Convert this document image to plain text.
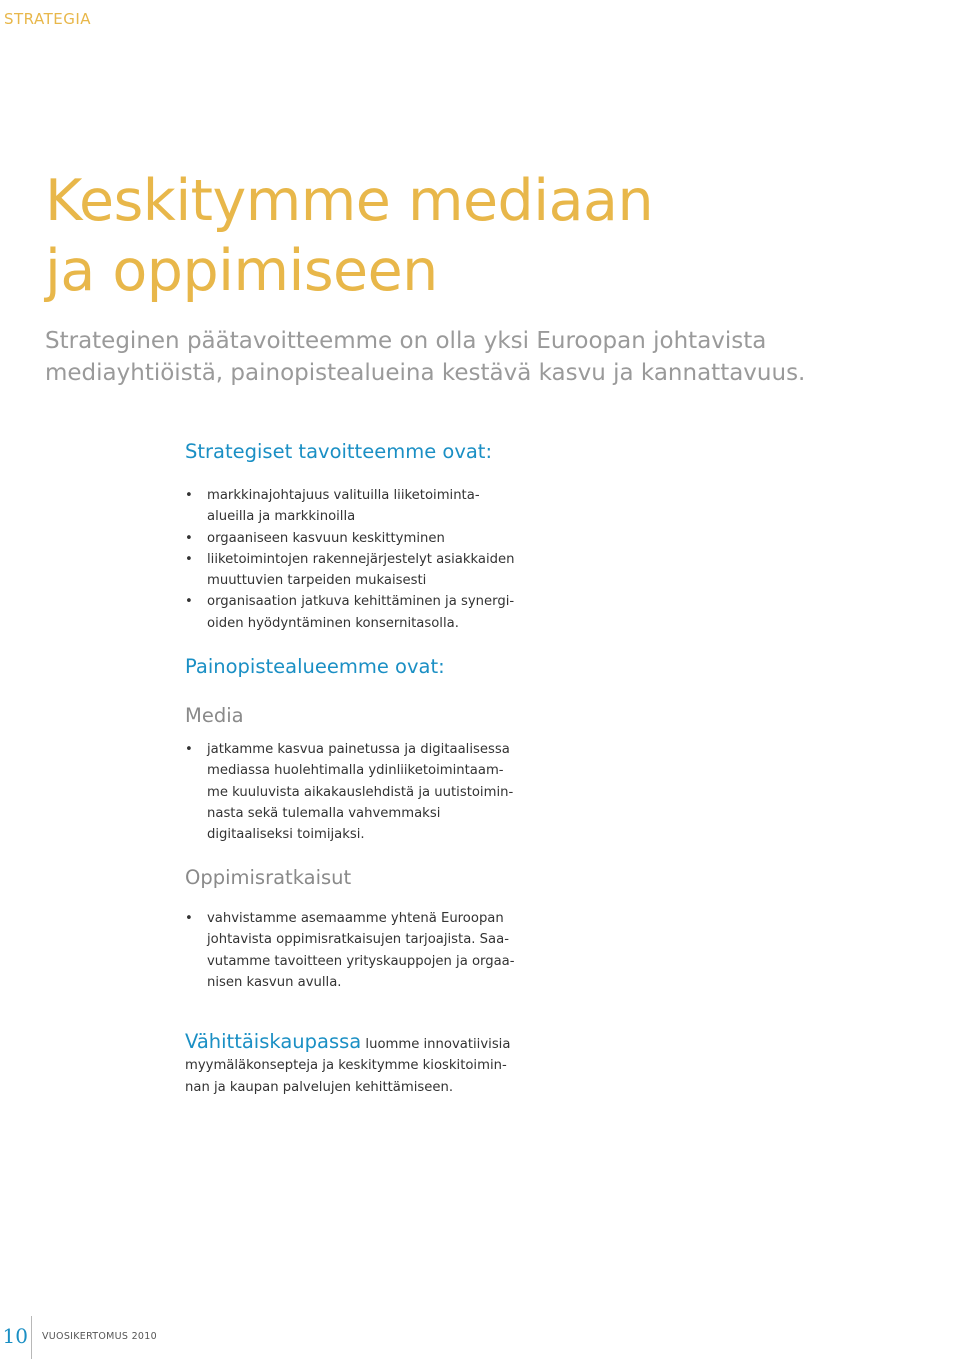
STRATEGIA
Keskitymme mediaan
ja oppimiseen
Strateginen päätavoitteemme on olla yksi Euroopan johtavista
mediayhtiöistä, painopistealueina kestävä kasvu ja kannattavuus.
Strategiset tavoitteemme ovat:
• markkinajohtajuus valituilla liiketoiminta-
alueilla ja markkinoilla
• orgaaniseen kasvuun keskittyminen
• liiketoimintojen rakennejärjestelyt asiakkaiden
muuttuvien tarpeiden mukaisesti
• organisaation jatkuva kehittäminen ja synergi-
oiden hyödyntäminen konsernitasolla.
Painopistealueemme ovat:
Media
• jatkamme kasvua painetussa ja digitaalisessa
mediassa huolehtimalla ydinliiketoimintaam-
me kuuluvista aikakauslehdistä ja uutistoimin-
nasta sekä tulemalla vahvemmaksi
digitaaliseksi toimijaksi.
Oppimisratkaisut
• vahvistamme asemaamme yhtenä Euroopan
johtavista oppimisratkaisujen tarjoajista. Saa-
vutamme tavoitteen yrityskauppojen ja orgaa-
nisen kasvun avulla.
Vähittäiskaupassa luomme innovatiivisia
myymäläkonsepteja ja keskitymme kioskitoimin-
nan ja kaupan palvelujen kehittämiseen.
10 VUOSIKERTOMUS 2010
